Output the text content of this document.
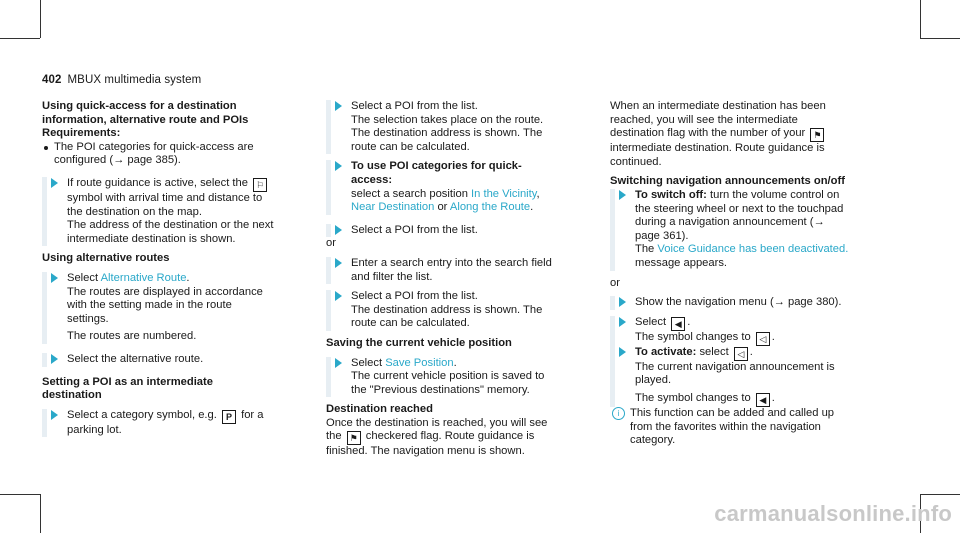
402 MBUX multimedia system

Using quick-access for a destination information, alternative route and POIs

Requirements:

The POI categories for quick-access are configured (→ page 385).

If route guidance is active, select the ⚐ symbol with arrival time and distance to the destination on the map.

The address of the destination or the next intermediate destination is shown.

Using alternative routes

Select Alternative Route.

The routes are displayed in accordance with the setting made in the route settings.

The routes are numbered.

Select the alternative route.

Setting a POI as an intermediate destination

Select a category symbol, e.g. P for a parking lot.

Select a POI from the list.

The selection takes place on the route. The destination address is shown. The route can be calculated.

To use POI categories for quick-access:

select a search position In the Vicinity, Near Destination or Along the Route.

Select a POI from the list.

or

Enter a search entry into the search field and filter the list.

Select a POI from the list.

The destination address is shown. The route can be calculated.

Saving the current vehicle position

Select Save Position.

The current vehicle position is saved to the "Previous destinations" memory.

Destination reached

Once the destination is reached, you will see the ⚑ checkered flag. Route guidance is finished. The navigation menu is shown.

When an intermediate destination has been reached, you will see the intermediate destination flag with the number of your ⚑ intermediate destination. Route guidance is continued.

Switching navigation announcements on/off

To switch off: turn the volume control on the steering wheel or next to the touchpad during a navigation announcement (→ page 361).

The Voice Guidance has been deactivated. message appears.

or

Show the navigation menu (→ page 380).

Select ◀ .

The symbol changes to ◁ .

To activate: select ◁ .

The current navigation announcement is played.

The symbol changes to ◀ .

i This function can be added and called up from the favorites within the navigation category.

carmanualsonline.info
